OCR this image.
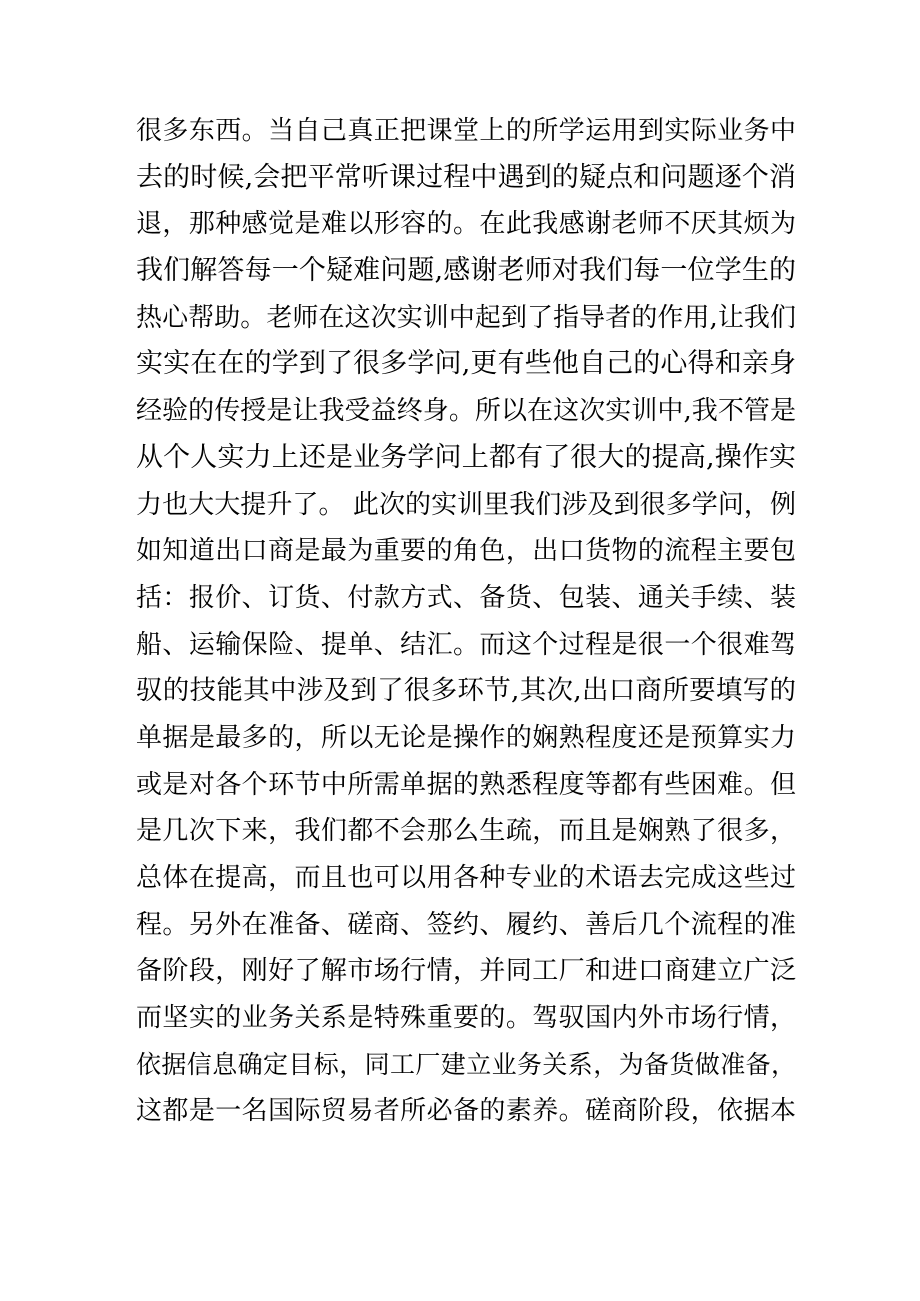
很多东西。当自己真正把课堂上的所学运用到实际业务中
去的时候,会把平常听课过程中遇到的疑点和问题逐个消
退，那种感觉是难以形容的。在此我感谢老师不厌其烦为
我们解答每一个疑难问题,感谢老师对我们每一位学生的
热心帮助。老师在这次实训中起到了指导者的作用,让我们
实实在在的学到了很多学问,更有些他自己的心得和亲身
经验的传授是让我受益终身。所以在这次实训中,我不管是
从个人实力上还是业务学问上都有了很大的提高,操作实
力也大大提升了。 此次的实训里我们涉及到很多学问，例
如知道出口商是最为重要的角色，出口货物的流程主要包
括：报价、订货、付款方式、备货、包装、通关手续、装
船、运输保险、提单、结汇。而这个过程是很一个很难驾
驭的技能其中涉及到了很多环节,其次,出口商所要填写的
单据是最多的，所以无论是操作的娴熟程度还是预算实力
或是对各个环节中所需单据的熟悉程度等都有些困难。但
是几次下来，我们都不会那么生疏，而且是娴熟了很多，
总体在提高，而且也可以用各种专业的术语去完成这些过
程。另外在准备、磋商、签约、履约、善后几个流程的准
备阶段，刚好了解市场行情，并同工厂和进口商建立广泛
而坚实的业务关系是特殊重要的。驾驭国内外市场行情，
依据信息确定目标，同工厂建立业务关系，为备货做准备，
这都是一名国际贸易者所必备的素养。磋商阶段，依据本
